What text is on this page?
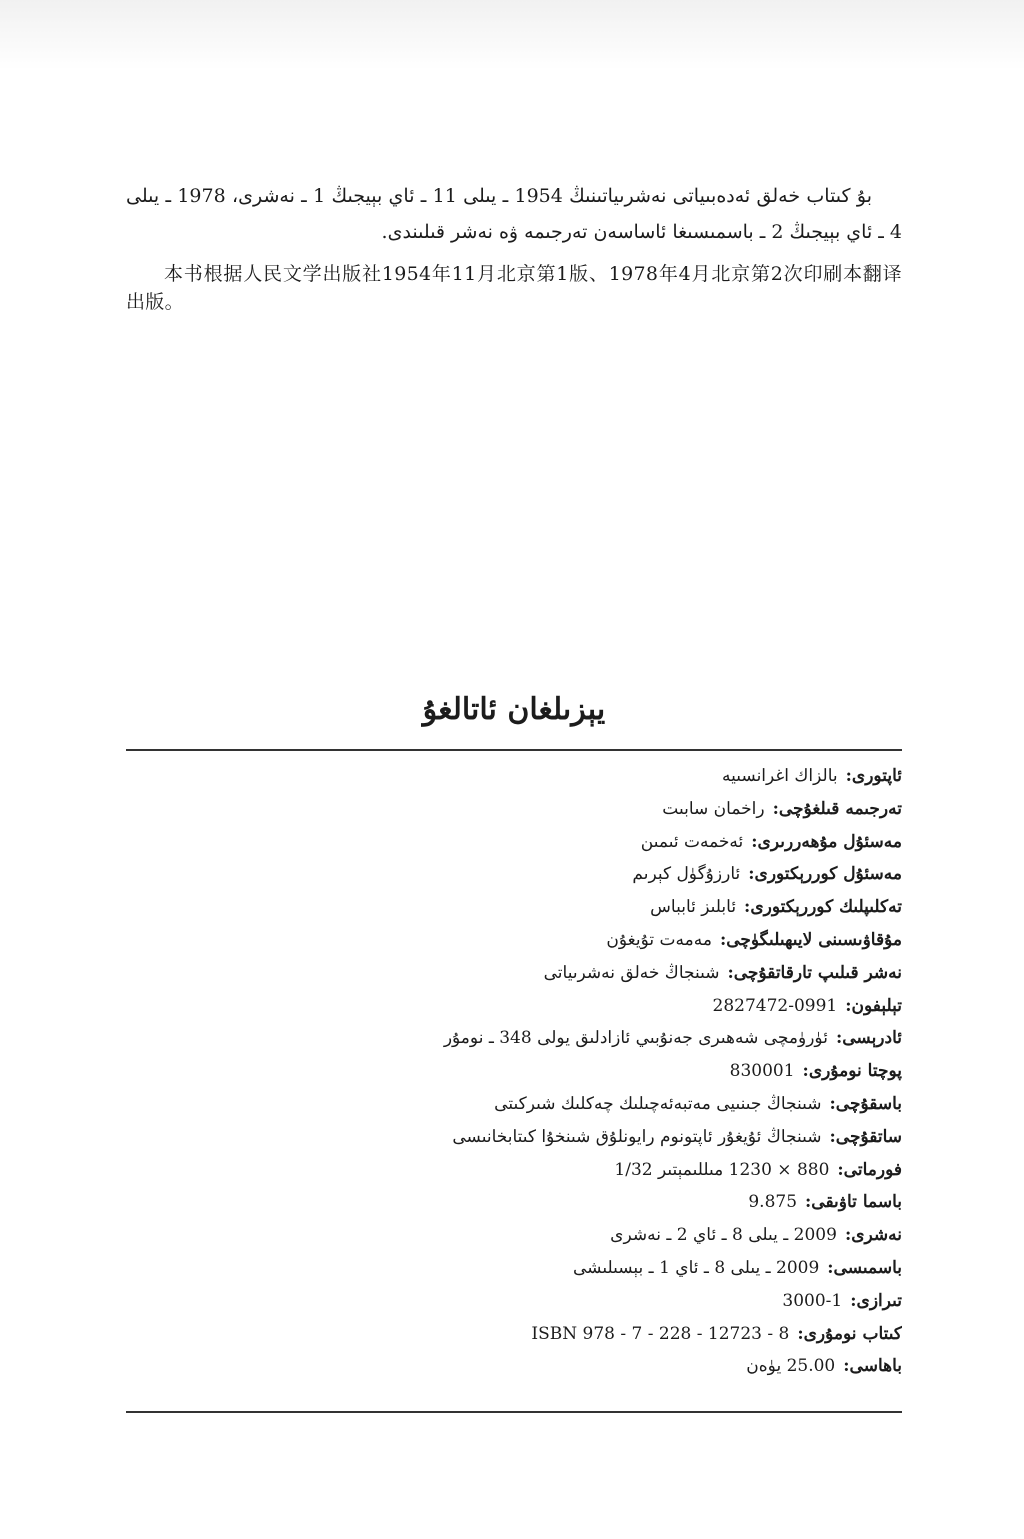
بۇ كىتاب خەلق ئەدەبىياتى نەشرىياتىنىڭ 1954 ـ يىلى 11 ـ ئاي بېيجىڭ 1 ـ نەشرى، 1978 ـ يىلى 4 ـ ئاي بېيجىڭ 2 ـ باسمىسىغا ئاساسەن تەرجىمە ۋە نەشر قىلىندى.

本书根据人民文学出版社1954年11月北京第1版、1978年4月北京第2次印刷本翻译出版。

يېزىلغان ئاتالغۇ
ئاپتورى:بالزاك اغرانسىيە
تەرجىمە قىلغۇچى:راخمان سابىت
مەسئۇل مۇھەررىرى:ئەخمەت ئىمىن
مەسئۇل كوررېكتورى:ئارزۇگۈل كېرىم
تەكلىپلىك كوررېكتورى:ئابلىز ئابباس
مۇقاۋىسىنى لايىھىلىگۈچى:مەمەت تۇيغۇن
نەشر قىلىپ تارقاتقۇچى:شىنجاڭ خەلق نەشرىياتى
تېلېفون:0991-2827472
ئادرېسى:ئۈرۈمچى شەھىرى جەنۇبىي ئازادلىق يولى 348 ـ نومۇر
پوچتا نومۇرى:830001
باسقۇچى:شىنجاڭ جىنىيى مەتبەئەچىلىك چەكلىك شىركىتى
ساتقۇچى:شىنجاڭ ئۇيغۇر ئاپتونوم رايونلۇق شىنخۇا كىتابخانىسى
فورماتى:880 × 1230 مىللىمېتىر 1/32
باسما تاۋىقى:9.875
نەشرى:2009 ـ يىلى 8 ـ ئاي 2 ـ نەشرى
باسمىسى:2009 ـ يىلى 8 ـ ئاي 1 ـ بېسىلىشى
تىرازى:1-3000
كىتاب نومۇرى:ISBN 978 - 7 - 228 - 12723 - 8
باھاسى:25.00 يۈەن
